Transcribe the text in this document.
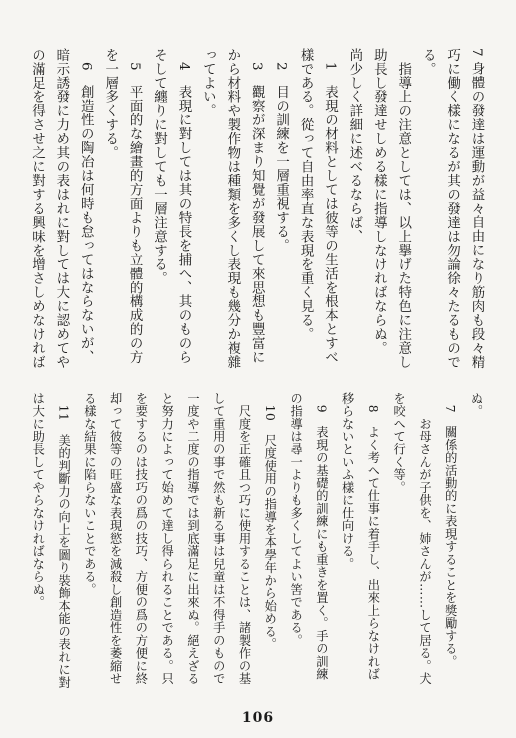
7 身體の發達は運動が益々自由になり筋肉も段々精
巧に働く樣になるが其の發達は勿論徐々たるもので
る。
　指導上の注意としては、以上擧げた特色に注意し
助長し發達せしめる樣に指導しなければならぬ。
尚少しく詳細に述べるならば、
　1　表現の材料としては彼等の生活を根本とすべ
樣である。從って自由率直な表現を重く見る。
　2　目の訓練を一層重視する。
　3　觀察が深まり知覺が發展して來思想も豐富に
から材料や製作物は種類を多くし表現も幾分か複雜
ってよい。
　4　表現に對しては其の特長を捕へ、其のものら
そして纏りに對しても一層注意する。
　5　平面的な繪畫的方面よりも立體的構成的の方
を一層多くする。
　6　創造性の陶冶は何時も怠ってはならないが、
暗示誘發に力め其の表はれに對しては大に認めてや
の滿足を得させ之に對する興味を增さしめなければ
ぬ。
　7　關係的活動的に表現することを獎勵する。
　　お母さんが子供を、姉さんが……して居る。犬
を咬へて行く等。
　8　よく考へて仕事に着手し、出來上らなければ
移らないといふ樣に仕向ける。
　9　表現の基礎的訓練にも重きを置く。手の訓練
の指導は尋一よりも多くしてよい筈である。
　10　尺度使用の指導を本學年から始める。
　尺度を正確且つ巧に使用することは、諸製作の基
して重用の事で然も新る事は兒童は不得手のもので
一度や二度の指導では到底滿足に出來ぬ。絕えざる
と努力によって始めて達し得られることである。只
を要するのは技巧の爲の技巧、方便の爲の方便に終
却って彼等の旺盛な表現慾を減殺し創造性を萎縮せ
る樣な結果に陷らないことである。
　11　美的判斷力の向上を圖り裝飾本能の表れに對
は大に助長してやらなければならぬ。
106
